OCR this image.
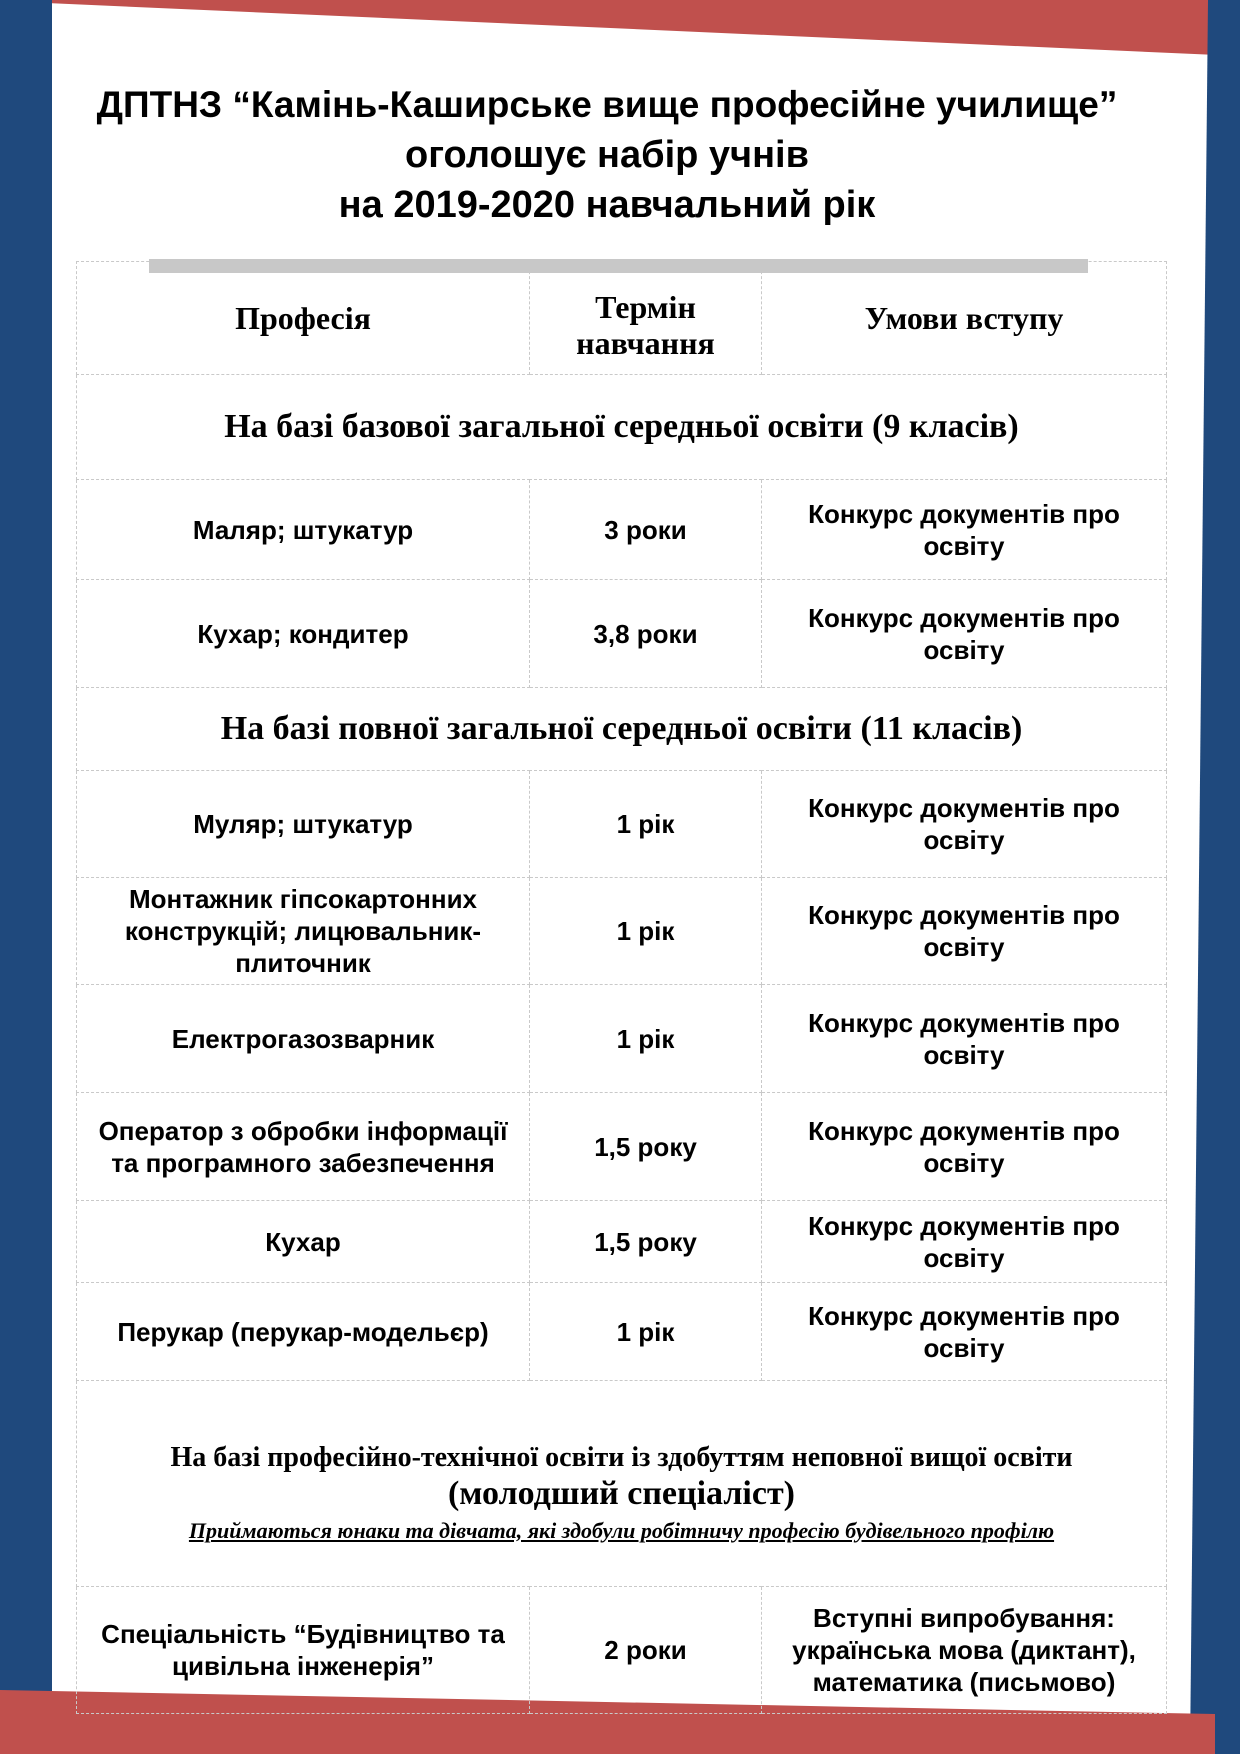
ДПТНЗ “Камінь-Каширське вище професійне училище”
оголошує набір учнів
на 2019-2020 навчальний рік
Професія	Термін навчання	Умови вступу
На базі базової загальної середньої освіти (9 класів)		
Маляр; штукатур	3 роки	Конкурс документів про освіту
Кухар; кондитер	3,8 роки	Конкурс документів про освіту
На базі повної загальної середньої освіти (11 класів)		
Муляр; штукатур	1 рік	Конкурс документів про освіту
Монтажник гіпсокартонних конструкцій; лицювальник-плиточник	1 рік	Конкурс документів про освіту
Електрогазозварник	1 рік	Конкурс документів про освіту
Оператор з обробки інформації та програмного забезпечення	1,5 року	Конкурс документів про освіту
Кухар	1,5 року	Конкурс документів про освіту
Перукар (перукар-модельєр)	1 рік	Конкурс документів про освіту

На базі професійно-технічної освіти із здобуттям неповної вищої освіти
(молодший спеціаліст)
Приймаються юнаки та дівчата, які здобули робітничу професію будівельного профілю		

Спеціальність “Будівництво та цивільна інженерія”	2 роки	Вступні випробування: українська мова (диктант), математика (письмово)
